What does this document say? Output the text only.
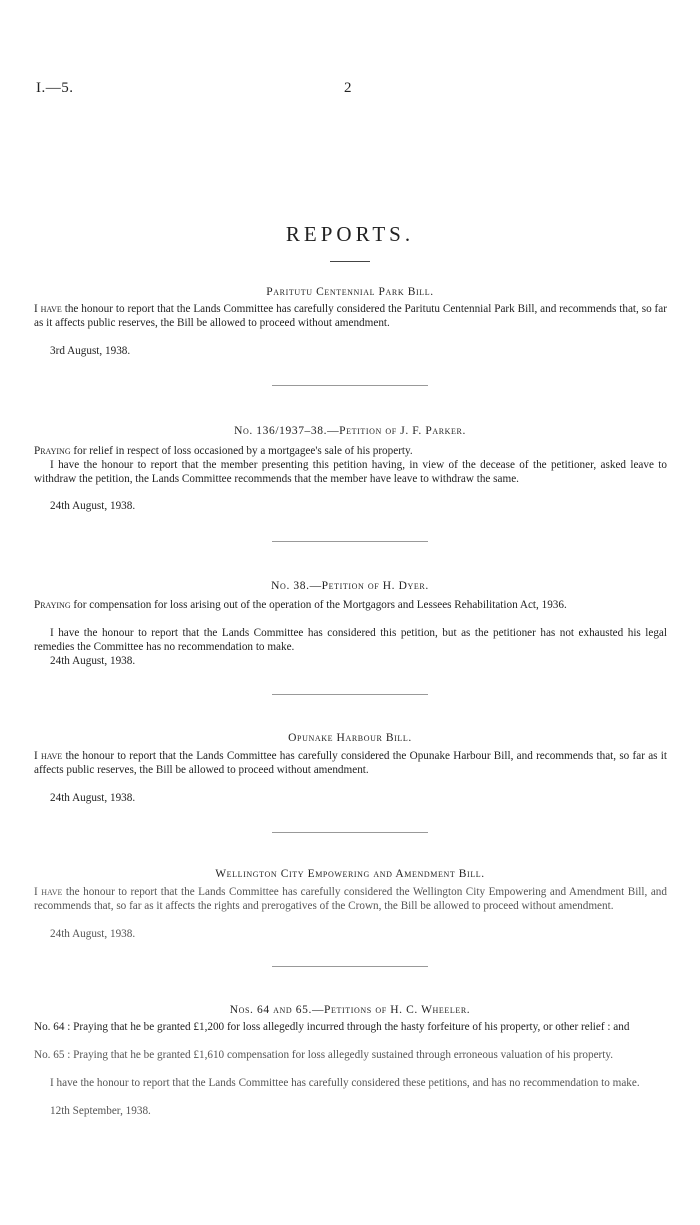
I.—5.	2
REPORTS.
Paritutu Centennial Park Bill.

I have the honour to report that the Lands Committee has carefully considered the Paritutu Centennial Park Bill, and recommends that, so far as it affects public reserves, the Bill be allowed to proceed without amendment.

3rd August, 1938.
No. 136/1937–38.—Petition of J. F. Parker.

Praying for relief in respect of loss occasioned by a mortgagee's sale of his property.

I have the honour to report that the member presenting this petition having, in view of the decease of the petitioner, asked leave to withdraw the petition, the Lands Committee recommends that the member have leave to withdraw the same.

24th August, 1938.
No. 38.—Petition of H. Dyer.

Praying for compensation for loss arising out of the operation of the Mortgagors and Lessees Rehabilitation Act, 1936.

I have the honour to report that the Lands Committee has considered this petition, but as the petitioner has not exhausted his legal remedies the Committee has no recommendation to make.

24th August, 1938.
Opunake Harbour Bill.

I have the honour to report that the Lands Committee has carefully considered the Opunake Harbour Bill, and recommends that, so far as it affects public reserves, the Bill be allowed to proceed without amendment.

24th August, 1938.
Wellington City Empowering and Amendment Bill.

I have the honour to report that the Lands Committee has carefully considered the Wellington City Empowering and Amendment Bill, and recommends that, so far as it affects the rights and prerogatives of the Crown, the Bill be allowed to proceed without amendment.

24th August, 1938.
Nos. 64 and 65.—Petitions of H. C. Wheeler.

No. 64 : Praying that he be granted £1,200 for loss allegedly incurred through the hasty forfeiture of his property, or other relief : and

No. 65 : Praying that he be granted £1,610 compensation for loss allegedly sustained through erroneous valuation of his property.

I have the honour to report that the Lands Committee has carefully considered these petitions, and has no recommendation to make.

12th September, 1938.
